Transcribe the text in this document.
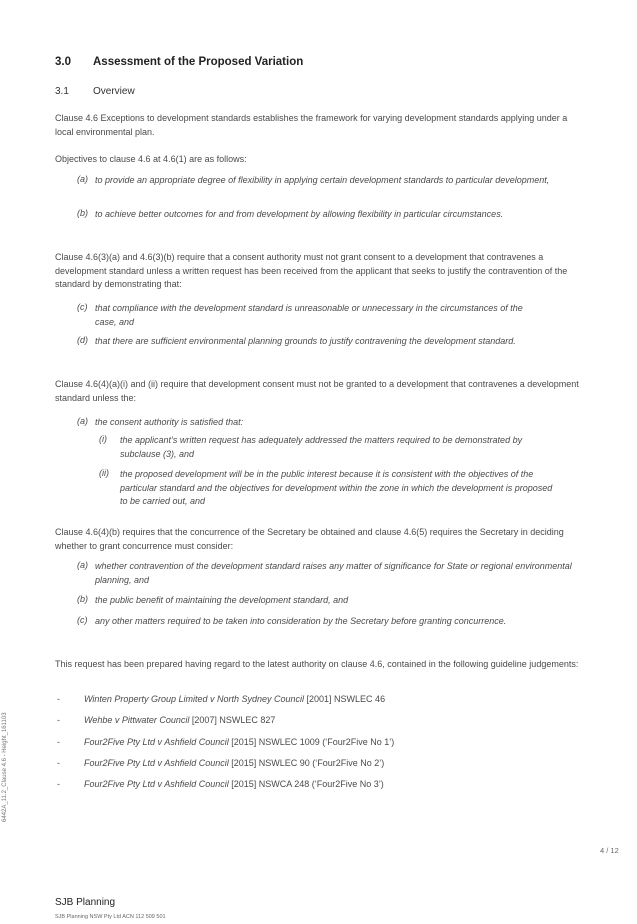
3.0 Assessment of the Proposed Variation
3.1 Overview
Clause 4.6 Exceptions to development standards establishes the framework for varying development standards applying under a local environmental plan.
Objectives to clause 4.6 at 4.6(1) are as follows:
(a) to provide an appropriate degree of flexibility in applying certain development standards to particular development,
(b) to achieve better outcomes for and from development by allowing flexibility in particular circumstances.
Clause 4.6(3)(a) and 4.6(3)(b) require that a consent authority must not grant consent to a development that contravenes a development standard unless a written request has been received from the applicant that seeks to justify the contravention of the standard by demonstrating that:
(c) that compliance with the development standard is unreasonable or unnecessary in the circumstances of the case, and
(d) that there are sufficient environmental planning grounds to justify contravening the development standard.
Clause 4.6(4)(a)(i) and (ii) require that development consent must not be granted to a development that contravenes a development standard unless the:
(a) the consent authority is satisfied that:
(i) the applicant’s written request has adequately addressed the matters required to be demonstrated by subclause (3), and
(ii) the proposed development will be in the public interest because it is consistent with the objectives of the particular standard and the objectives for development within the zone in which the development is proposed to be carried out, and
Clause 4.6(4)(b) requires that the concurrence of the Secretary be obtained and clause 4.6(5) requires the Secretary in deciding whether to grant concurrence must consider:
(a) whether contravention of the development standard raises any matter of significance for State or regional environmental planning, and
(b) the public benefit of maintaining the development standard, and
(c) any other matters required to be taken into consideration by the Secretary before granting concurrence.
This request has been prepared having regard to the latest authority on clause 4.6, contained in the following guideline judgements:
-	Winten Property Group Limited v North Sydney Council [2001] NSWLEC 46
-	Wehbe v Pittwater Council [2007] NSWLEC 827
-	Four2Five Pty Ltd v Ashfield Council [2015] NSWLEC 1009 (‘Four2Five No 1’)
-	Four2Five Pty Ltd v Ashfield Council [2015] NSWLEC 90 (‘Four2Five No 2’)
-	Four2Five Pty Ltd v Ashfield Council [2015] NSWCA 248 (‘Four2Five No 3’)
6442A_11.2_Clause 4.6 - Height_161103
4 / 12
SJB Planning
SJB Planning NSW Pty Ltd ACN 112 509 501
